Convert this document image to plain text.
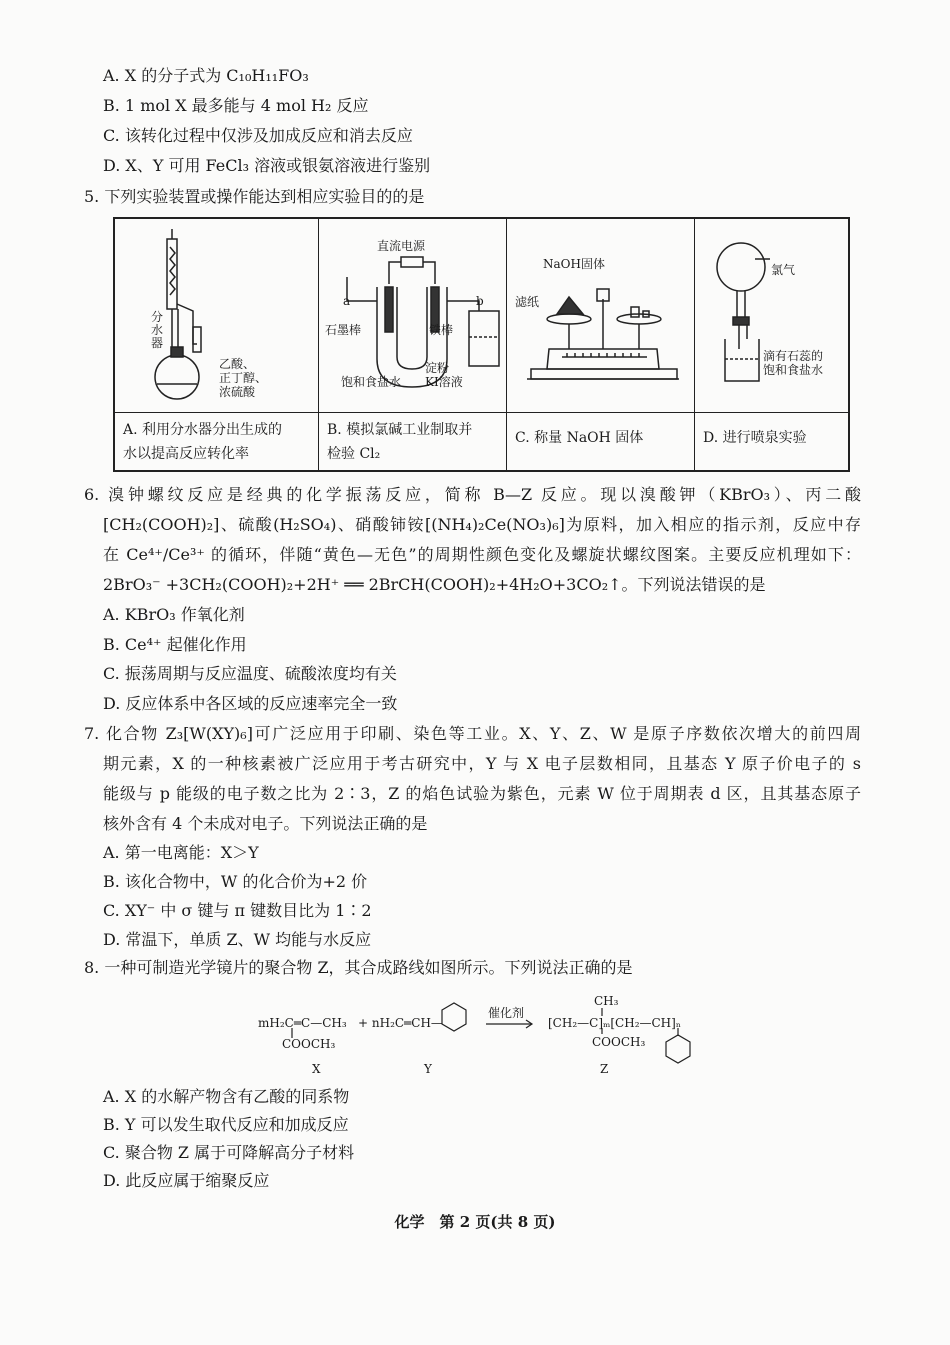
A. X 的分子式为 C₁₀H₁₁FO₃
B. 1 mol X 最多能与 4 mol H₂ 反应
C. 该转化过程中仅涉及加成反应和消去反应
D. X、Y 可用 FeCl₃ 溶液或银氨溶液进行鉴别
5. 下列实验装置或操作能达到相应实验目的的是
分水器
乙酸、
正丁醇、
浓硫酸
A. 利用分水器分出生成的
水以提高反应转化率
直流电源
a	b
石墨棒	铁棒
淀粉
KI溶液
饱和食盐水
B. 模拟氯碱工业制取并
检验 Cl₂
NaOH固体
滤纸
C. 称量 NaOH 固体
氯气
滴有石蕊的
饱和食盐水
D. 进行喷泉实验
6. 溴钟螺纹反应是经典的化学振荡反应，简称 B—Z 反应。现以溴酸钾（KBrO₃）、丙二酸
[CH₂(COOH)₂]、硫酸(H₂SO₄)、硝酸铈铵[(NH₄)₂Ce(NO₃)₆]为原料，加入相应的指示剂，反应中存
在 Ce⁴⁺/Ce³⁺ 的循环，伴随“黄色—无色”的周期性颜色变化及螺旋状螺纹图案。主要反应机理如下：
2BrO₃⁻ +3CH₂(COOH)₂+2H⁺ ══ 2BrCH(COOH)₂+4H₂O+3CO₂↑。下列说法错误的是
A. KBrO₃ 作氧化剂
B. Ce⁴⁺ 起催化作用
C. 振荡周期与反应温度、硫酸浓度均有关
D. 反应体系中各区域的反应速率完全一致
7. 化合物 Z₃[W(XY)₆]可广泛应用于印刷、染色等工业。X、Y、Z、W 是原子序数依次增大的前四周
期元素，X 的一种核素被广泛应用于考古研究中，Y 与 X 电子层数相同，且基态 Y 原子价电子的 s
能级与 p 能级的电子数之比为 2∶3，Z 的焰色试验为紫色，元素 W 位于周期表 d 区，且其基态原子
核外含有 4 个未成对电子。下列说法正确的是
A. 第一电离能：X＞Y
B. 该化合物中，W 的化合价为+2 价
C. XY⁻ 中 σ 键与 π 键数目比为 1∶2
D. 常温下，单质 Z、W 均能与水反应
8. 一种可制造光学镜片的聚合物 Z，其合成路线如图所示。下列说法正确的是
mH₂C═C—CH₃
COOCH₃
+ nH₂C═CH—
催化剂
CH₃
[CH₂—C]ₘ[CH₂—CH]ₙ
COOCH₃
X	Y	Z
A. X 的水解产物含有乙酸的同系物
B. Y 可以发生取代反应和加成反应
C. 聚合物 Z 属于可降解高分子材料
D. 此反应属于缩聚反应
化学　第 2 页(共 8 页)
